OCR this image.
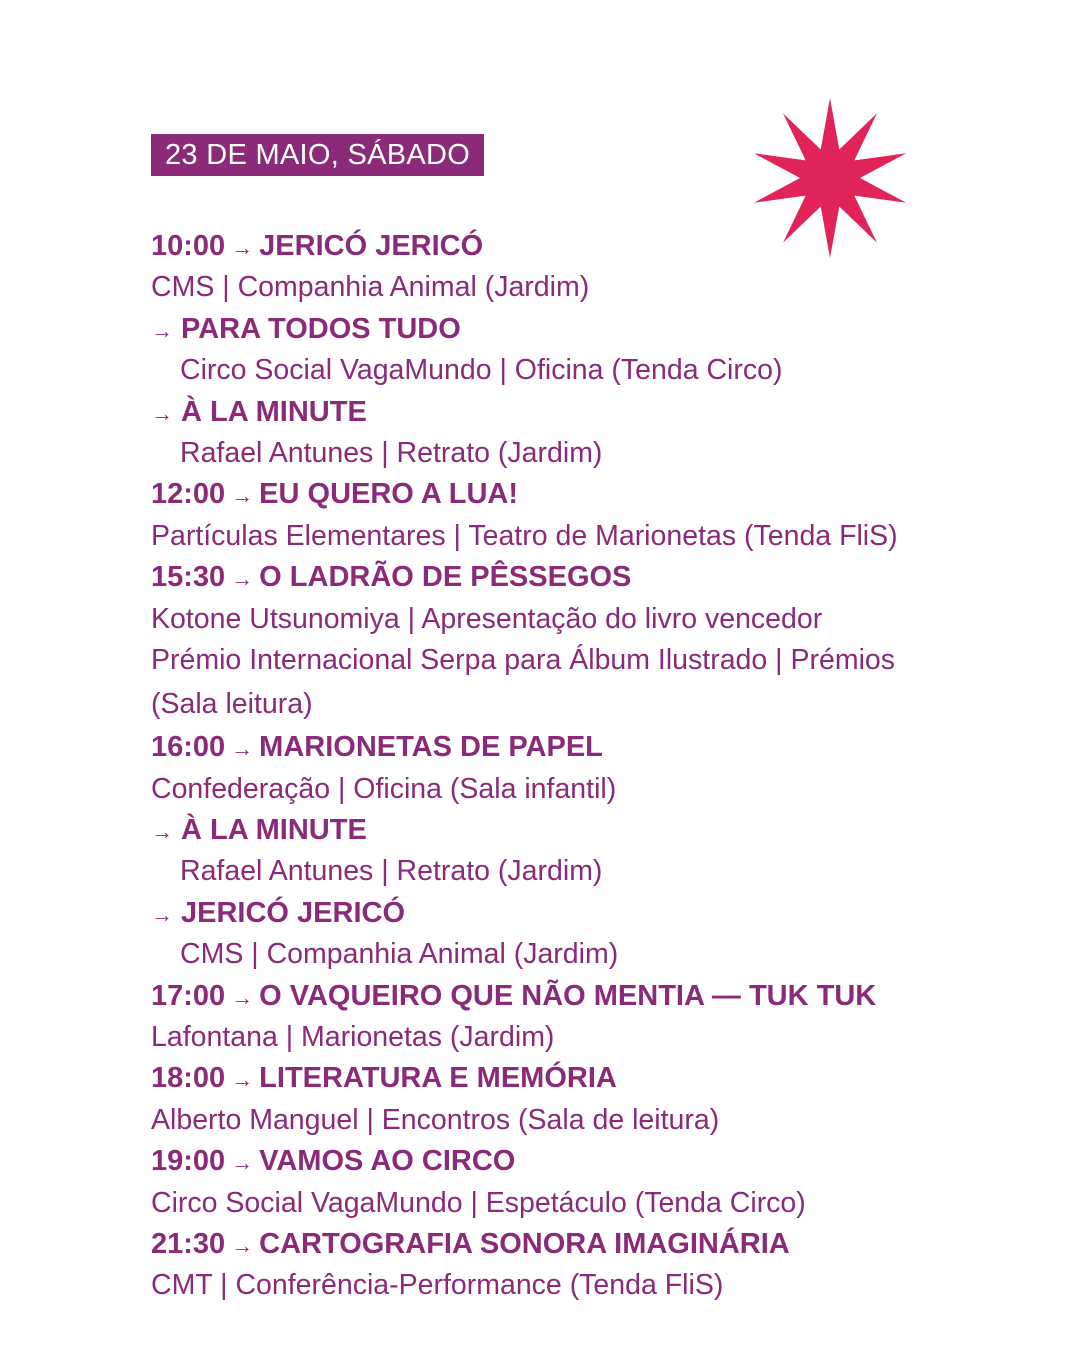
23 DE MAIO, SÁBADO
10:00 → JERICÓ JERICÓ
CMS | Companhia Animal (Jardim)
→ PARA TODOS TUDO
Circo Social VagaMundo | Oficina (Tenda Circo)
→ À LA MINUTE
Rafael Antunes | Retrato (Jardim)
12:00 → EU QUERO A LUA!
Partículas Elementares | Teatro de Marionetas (Tenda FliS)
15:30 → O LADRÃO DE PÊSSEGOS
Kotone Utsunomiya | Apresentação do livro vencedor
Prémio Internacional Serpa para Álbum Ilustrado | Prémios
(Sala leitura)
16:00 → MARIONETAS DE PAPEL
Confederação | Oficina (Sala infantil)
→ À LA MINUTE
Rafael Antunes | Retrato (Jardim)
→ JERICÓ JERICÓ
CMS | Companhia Animal (Jardim)
17:00 → O VAQUEIRO QUE NÃO MENTIA — TUK TUK
Lafontana | Marionetas (Jardim)
18:00 → LITERATURA E MEMÓRIA
Alberto Manguel | Encontros (Sala de leitura)
19:00 → VAMOS AO CIRCO
Circo Social VagaMundo | Espetáculo (Tenda Circo)
21:30 → CARTOGRAFIA SONORA IMAGINÁRIA
CMT | Conferência-Performance (Tenda FliS)
